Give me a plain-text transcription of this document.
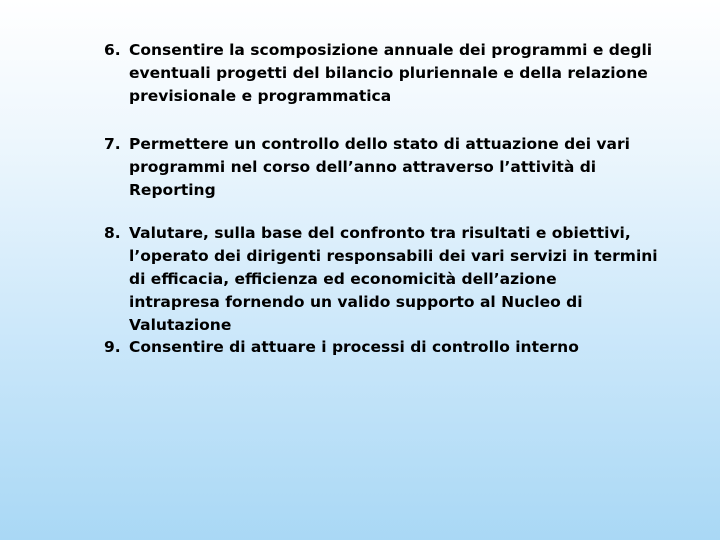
6. Consentire la scomposizione annuale dei programmi e degli
eventuali progetti del bilancio pluriennale e della relazione
previsionale e programmatica
7. Permettere un controllo dello stato di attuazione dei vari
programmi nel corso dell’anno attraverso l’attività di
Reporting
8. Valutare, sulla base del confronto tra risultati e obiettivi,
l’operato dei dirigenti responsabili dei vari servizi in termini
di efficacia, efficienza ed economicità dell’azione
intrapresa fornendo un valido supporto al Nucleo di
Valutazione
9. Consentire di attuare i processi di controllo interno
